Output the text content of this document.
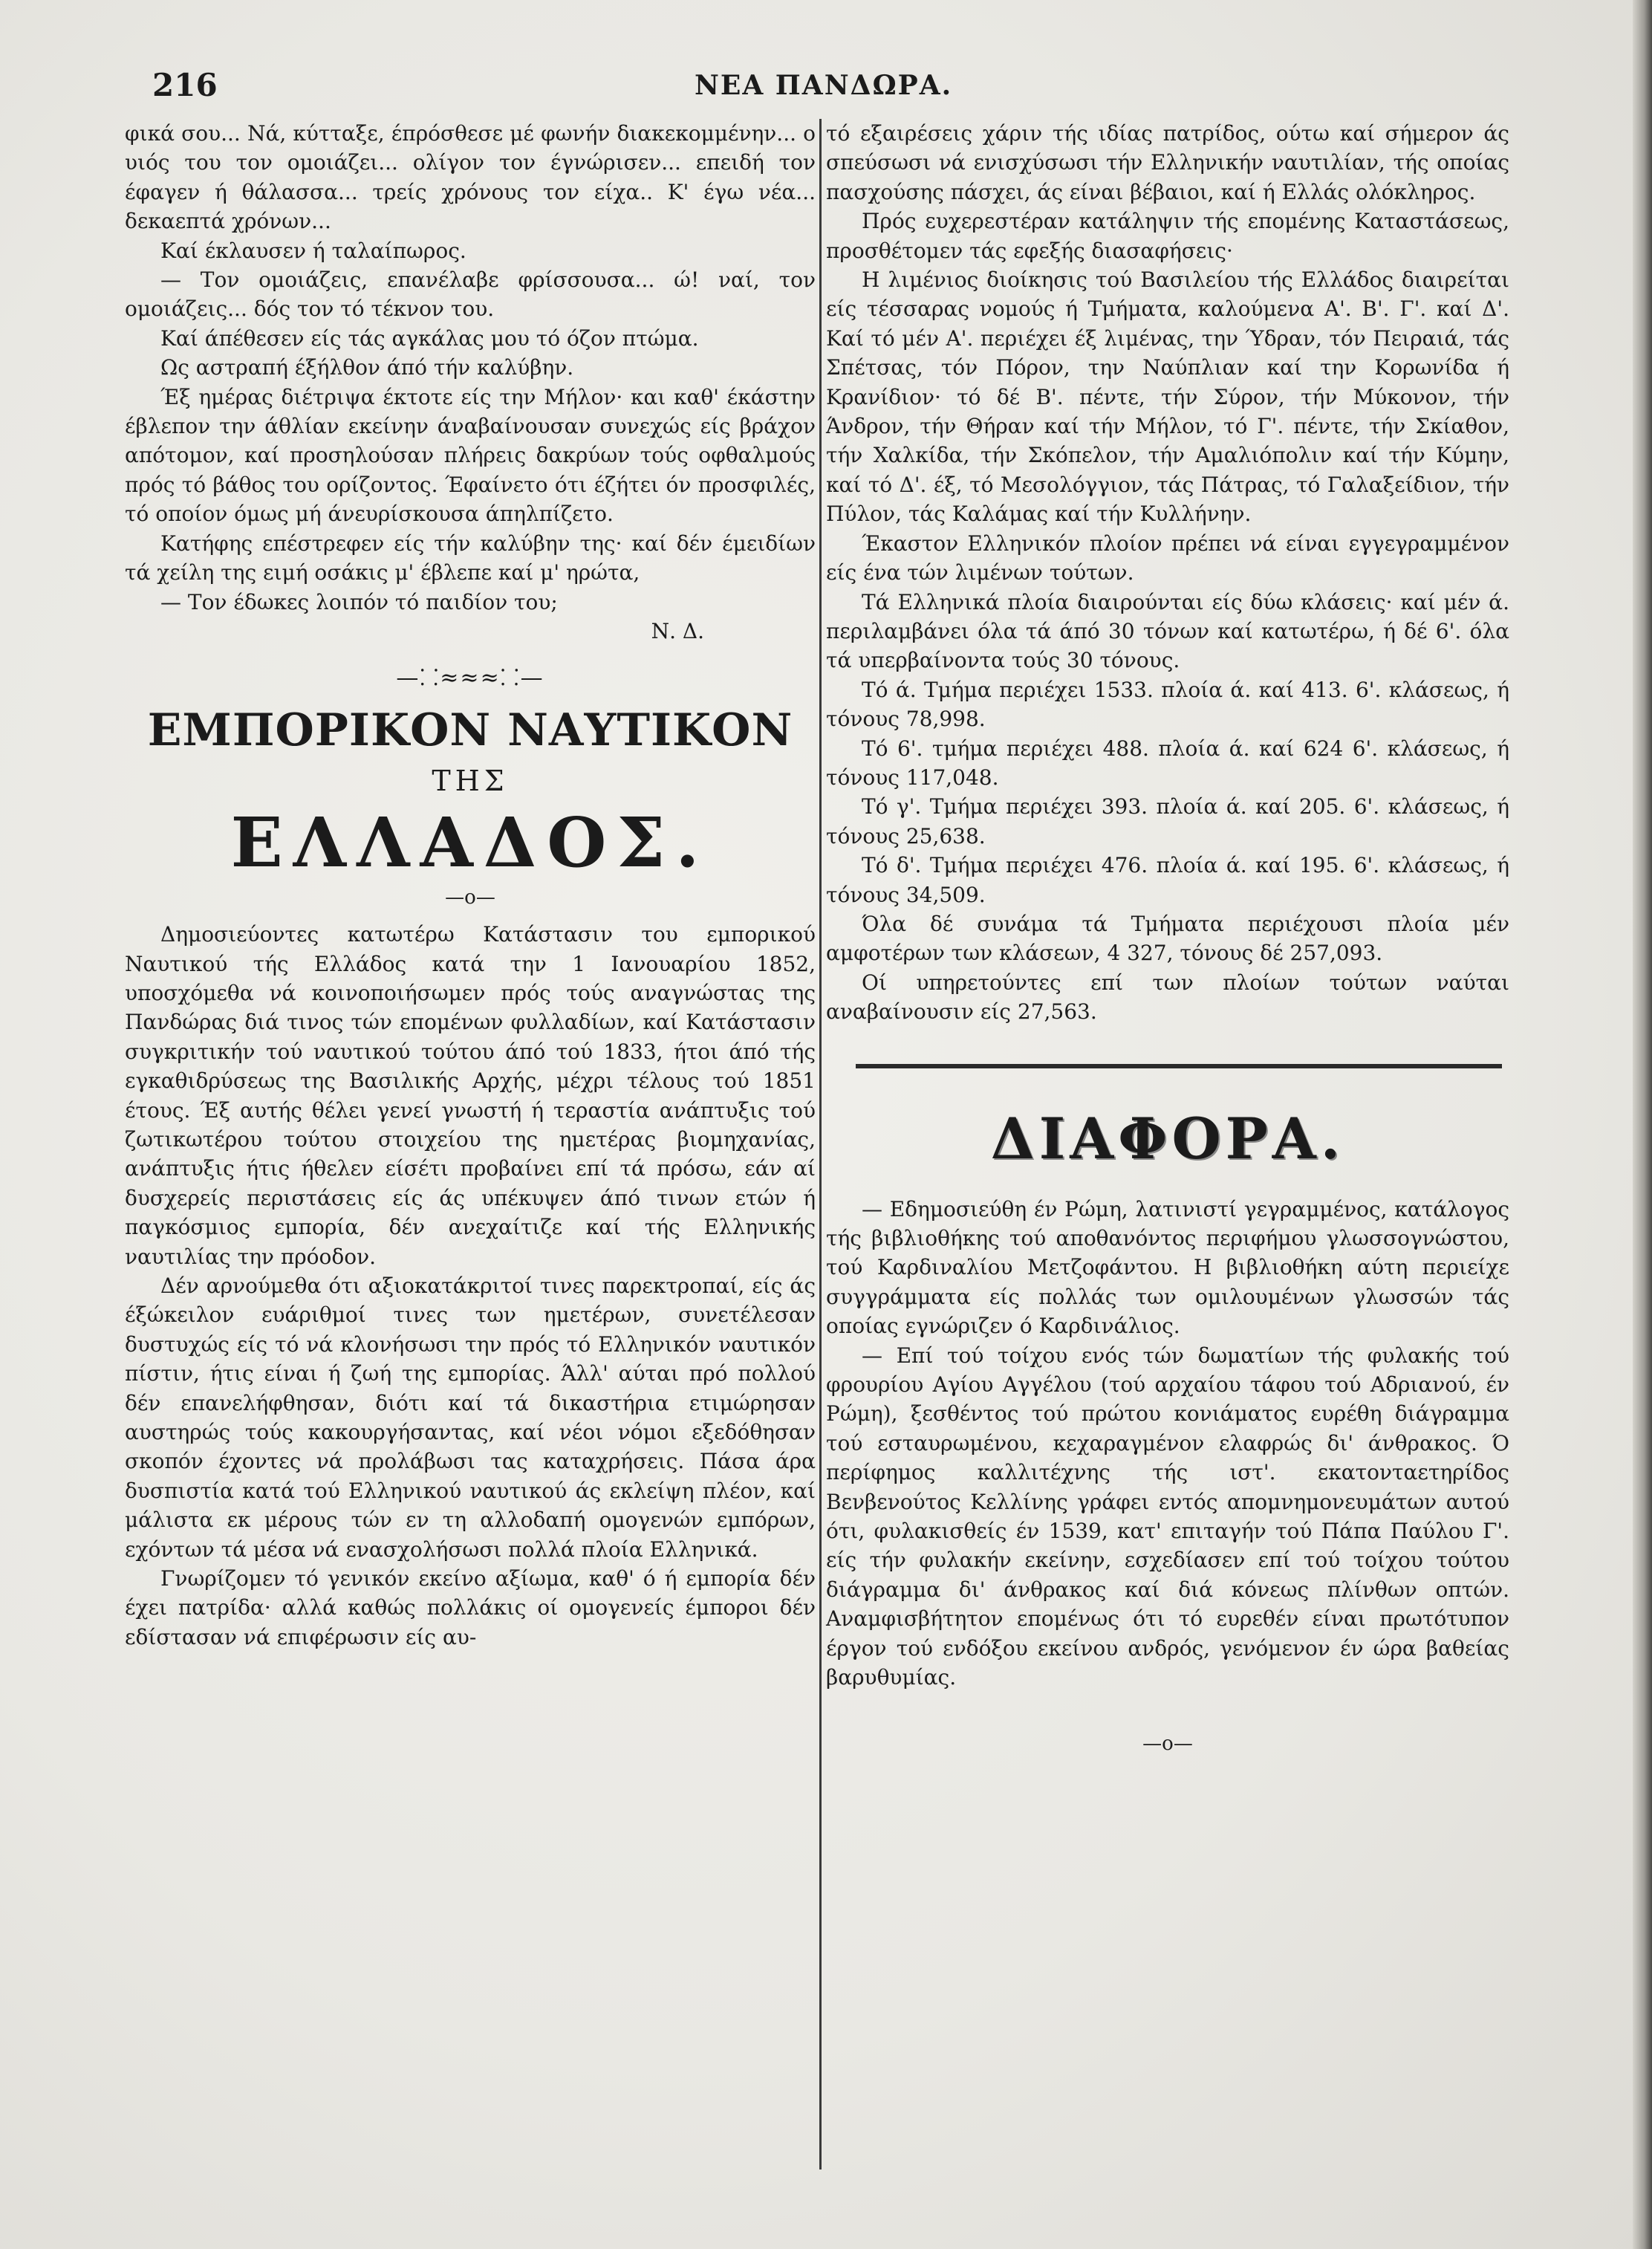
216	ΝΕΑ ΠΑΝΔΩΡΑ.

φικά σου... Νά, κύτταξε, έπρόσθεσε μέ φωνήν διακεκομμένην... ο υιός του τον ομοιάζει... ολίγον τον έγνώρισεν... επειδή τον έφαγεν ή θάλασσα... τρείς χρόνους τον είχα.. Κ' έγω νέα... δεκαεπτά χρόνων...

Καί έκλαυσεν ή ταλαίπωρος.

— Τον ομοιάζεις, επανέλαβε φρίσσουσα... ώ! ναί, τον ομοιάζεις... δός τον τό τέκνον του.

Καί άπέθεσεν είς τάς αγκάλας μου τό όζον πτώμα.

Ως αστραπή έξήλθον άπό τήν καλύβην.

Έξ ημέρας διέτριψα έκτοτε είς την Μήλον· και καθ' έκάστην έβλεπον την άθλίαν εκείνην άναβαίνουσαν συνεχώς είς βράχον απότομον, καί προσηλούσαν πλήρεις δακρύων τούς οφθαλμούς πρός τό βάθος του ορίζοντος. Έφαίνετο ότι έζήτει όν προσφιλές, τό οποίον όμως μή άνευρίσκουσα άπηλπίζετο.

Κατήφης επέστρεφεν είς τήν καλύβην της· καί δέν έμειδίων τά χείλη της ειμή οσάκις μ' έβλεπε καί μ' ηρώτα,

— Τον έδωκες λοιπόν τό παιδίον του;

Ν. Δ.

—⸬≈≈≈⸬—
ΕΜΠΟΡΙΚΟΝ ΝΑΥΤΙΚΟΝ
ΤΗΣ
ΕΛΛΑΔΟΣ.
—o—

Δημοσιεύοντες κατωτέρω Κατάστασιν του εμπορικού Ναυτικού τής Ελλάδος κατά την 1 Ιανουαρίου 1852, υποσχόμεθα νά κοινοποιήσωμεν πρός τούς αναγνώστας της Πανδώρας διά τινος τών επομένων φυλλαδίων, καί Κατάστασιν συγκριτικήν τού ναυτικού τούτου άπό τού 1833, ήτοι άπό τής εγκαθιδρύσεως της Βασιλικής Αρχής, μέχρι τέλους τού 1851 έτους. Έξ αυτής θέλει γενεί γνωστή ή τεραστία ανάπτυξις τού ζωτικωτέρου τούτου στοιχείου της ημετέρας βιομηχανίας, ανάπτυξις ήτις ήθελεν είσέτι προβαίνει επί τά πρόσω, εάν αί δυσχερείς περιστάσεις είς άς υπέκυψεν άπό τινων ετών ή παγκόσμιος εμπορία, δέν ανεχαίτιζε καί τής Ελληνικής ναυτιλίας την πρόοδον.

Δέν αρνούμεθα ότι αξιοκατάκριτοί τινες παρεκτροπαί, είς άς έξώκειλον ευάριθμοί τινες των ημετέρων, συνετέλεσαν δυστυχώς είς τό νά κλονήσωσι την πρός τό Ελληνικόν ναυτικόν πίστιν, ήτις είναι ή ζωή της εμπορίας. Άλλ' αύται πρό πολλού δέν επανελήφθησαν, διότι καί τά δικαστήρια ετιμώρησαν αυστηρώς τούς κακουργήσαντας, καί νέοι νόμοι εξεδόθησαν σκοπόν έχοντες νά προλάβωσι τας καταχρήσεις. Πάσα άρα δυσπιστία κατά τού Ελληνικού ναυτικού άς εκλείψη πλέον, καί μάλιστα εκ μέρους τών εν τη αλλοδαπή ομογενών εμπόρων, εχόντων τά μέσα νά ενασχολήσωσι πολλά πλοία Ελληνικά.

Γνωρίζομεν τό γενικόν εκείνο αξίωμα, καθ' ό ή εμπορία δέν έχει πατρίδα· αλλά καθώς πολλάκις οί ομογενείς έμποροι δέν εδίστασαν νά επιφέρωσιν είς αυ-

τό εξαιρέσεις χάριν τής ιδίας πατρίδος, ούτω καί σήμερον άς σπεύσωσι νά ενισχύσωσι τήν Ελληνικήν ναυτιλίαν, τής οποίας πασχούσης πάσχει, άς είναι βέβαιοι, καί ή Ελλάς ολόκληρος.

Πρός ευχερεστέραν κατάληψιν τής επομένης Καταστάσεως, προσθέτομεν τάς εφεξής διασαφήσεις·

Η λιμένιος διοίκησις τού Βασιλείου τής Ελλάδος διαιρείται είς τέσσαρας νομούς ή Τμήματα, καλούμενα Α'. Β'. Γ'. καί Δ'. Καί τό μέν Α'. περιέχει έξ λιμένας, την Ύδραν, τόν Πειραιά, τάς Σπέτσας, τόν Πόρον, την Ναύπλιαν καί την Κορωνίδα ή Κρανίδιον· τό δέ Β'. πέντε, τήν Σύρον, τήν Μύκονον, τήν Άνδρον, τήν Θήραν καί τήν Μήλον, τό Γ'. πέντε, τήν Σκίαθον, τήν Χαλκίδα, τήν Σκόπελον, τήν Αμαλιόπολιν καί τήν Κύμην, καί τό Δ'. έξ, τό Μεσολόγγιον, τάς Πάτρας, τό Γαλαξείδιον, τήν Πύλον, τάς Καλάμας καί τήν Κυλλήνην.

Έκαστον Ελληνικόν πλοίον πρέπει νά είναι εγγεγραμμένον είς ένα τών λιμένων τούτων.

Τά Ελληνικά πλοία διαιρούνται είς δύω κλάσεις· καί μέν ά. περιλαμβάνει όλα τά άπό 30 τόνων καί κατωτέρω, ή δέ 6'. όλα τά υπερβαίνοντα τούς 30 τόνους.

Τό ά. Τμήμα περιέχει 1533. πλοία ά. καί 413. 6'. κλάσεως, ή τόνους 78,998.

Τό 6'. τμήμα περιέχει 488. πλοία ά. καί 624 6'. κλάσεως, ή τόνους 117,048.

Τό γ'. Τμήμα περιέχει 393. πλοία ά. καί 205. 6'. κλάσεως, ή τόνους 25,638.

Τό δ'. Τμήμα περιέχει 476. πλοία ά. καί 195. 6'. κλάσεως, ή τόνους 34,509.

Όλα δέ συνάμα τά Τμήματα περιέχουσι πλοία μέν αμφοτέρων των κλάσεων, 4 327, τόνους δέ 257,093.

Οί υπηρετούντες επί των πλοίων τούτων ναύται αναβαίνουσιν είς 27,563.

ΔΙΑΦΟΡΑ.

— Εδημοσιεύθη έν Ρώμη, λατινιστί γεγραμμένος, κατάλογος τής βιβλιοθήκης τού αποθανόντος περιφήμου γλωσσογνώστου, τού Καρδιναλίου Μετζοφάντου. Η βιβλιοθήκη αύτη περιείχε συγγράμματα είς πολλάς των ομιλουμένων γλωσσών τάς οποίας εγνώριζεν ό Καρδινάλιος.

— Επί τού τοίχου ενός τών δωματίων τής φυλακής τού φρουρίου Αγίου Αγγέλου (τού αρχαίου τάφου τού Αδριανού, έν Ρώμη), ξεσθέντος τού πρώτου κονιάματος ευρέθη διάγραμμα τού εσταυρωμένου, κεχαραγμένον ελαφρώς δι' άνθρακος. Ό περίφημος καλλιτέχνης τής ιστ'. εκατονταετηρίδος Βενβενούτος Κελλίνης γράφει εντός απομνημονευμάτων αυτού ότι, φυλακισθείς έν 1539, κατ' επιταγήν τού Πάπα Παύλου Γ'. είς τήν φυλακήν εκείνην, εσχεδίασεν επί τού τοίχου τούτου διάγραμμα δι' άνθρακος καί διά κόνεως πλίνθων οπτών. Αναμφισβήτητον επομένως ότι τό ευρεθέν είναι πρωτότυπον έργον τού ενδόξου εκείνου ανδρός, γενόμενον έν ώρα βαθείας βαρυθυμίας.

—o—
